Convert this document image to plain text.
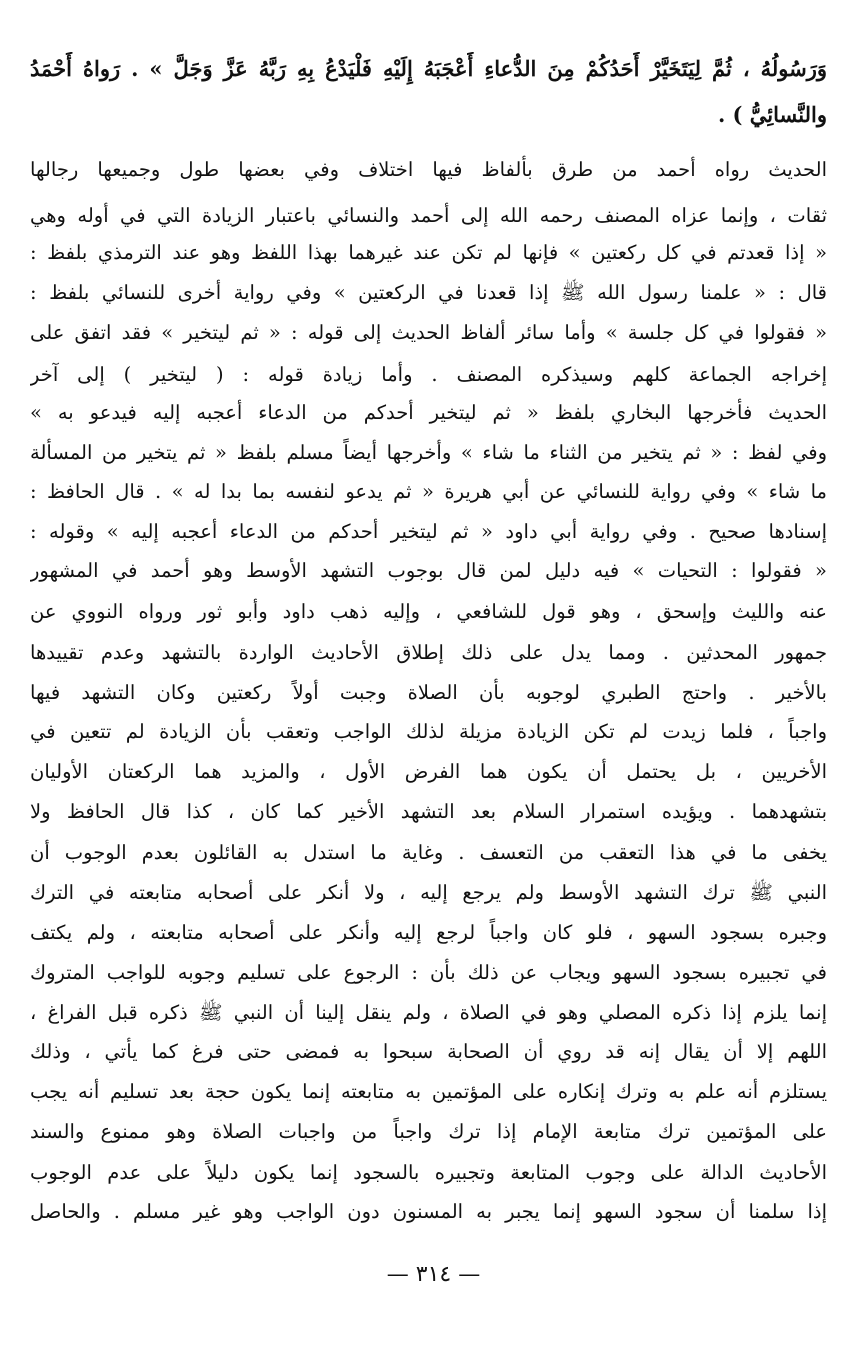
وَرَسُولُهُ ، ثُمَّ لِيَتَخَيَّرْ أَحَدُكُمْ مِنَ الدُّعاءِ أَعْجَبَهُ إِلَيْهِ فَلْيَدْعُ بِهِ رَبَّهُ عَزَّ وَجَلَّ » . رَواهُ أَحْمَدُ
والنَّسائِيُّ ) .
الحديث رواه أحمد من طرق بألفاظ فيها اختلاف وفي بعضها طول وجميعها رجالها
ثقات ، وإنما عزاه المصنف رحمه الله إلى أحمد والنسائي باعتبار الزيادة التي في أوله وهي
« إذا قعدتم في كل ركعتين » فإنها لم تكن عند غيرهما بهذا اللفظ وهو عند الترمذي بلفظ :
قال : « علمنا رسول الله ﷺ إذا قعدنا في الركعتين » وفي رواية أخرى للنسائي بلفظ :
« فقولوا في كل جلسة » وأما سائر ألفاظ الحديث إلى قوله : « ثم ليتخير » فقد اتفق على
إخراجه الجماعة كلهم وسيذكره المصنف . وأما زيادة قوله : ( ليتخير ) إلى آخر
الحديث فأخرجها البخاري بلفظ « ثم ليتخير أحدكم من الدعاء أعجبه إليه فيدعو به »
وفي لفظ : « ثم يتخير من الثناء ما شاء » وأخرجها أيضاً مسلم بلفظ « ثم يتخير من المسألة
ما شاء » وفي رواية للنسائي عن أبي هريرة « ثم يدعو لنفسه بما بدا له » . قال الحافظ :
إسنادها صحيح . وفي رواية أبي داود « ثم ليتخير أحدكم من الدعاء أعجبه إليه » وقوله :
« فقولوا : التحيات » فيه دليل لمن قال بوجوب التشهد الأوسط وهو أحمد في المشهور
عنه والليث وإسحق ، وهو قول للشافعي ، وإليه ذهب داود وأبو ثور ورواه النووي عن
جمهور المحدثين . ومما يدل على ذلك إطلاق الأحاديث الواردة بالتشهد وعدم تقييدها
بالأخير . واحتج الطبري لوجوبه بأن الصلاة وجبت أولاً ركعتين وكان التشهد فيها
واجباً ، فلما زيدت لم تكن الزيادة مزيلة لذلك الواجب وتعقب بأن الزيادة لم تتعين في
الأخريين ، بل يحتمل أن يكون هما الفرض الأول ، والمزيد هما الركعتان الأوليان
بتشهدهما . ويؤيده استمرار السلام بعد التشهد الأخير كما كان ، كذا قال الحافظ ولا
يخفى ما في هذا التعقب من التعسف . وغاية ما استدل به القائلون بعدم الوجوب أن
النبي ﷺ ترك التشهد الأوسط ولم يرجع إليه ، ولا أنكر على أصحابه متابعته في الترك
وجبره بسجود السهو ، فلو كان واجباً لرجع إليه وأنكر على أصحابه متابعته ، ولم يكتف
في تجبيره بسجود السهو ويجاب عن ذلك بأن : الرجوع على تسليم وجوبه للواجب المتروك
إنما يلزم إذا ذكره المصلي وهو في الصلاة ، ولم ينقل إلينا أن النبي ﷺ ذكره قبل الفراغ ،
اللهم إلا أن يقال إنه قد روي أن الصحابة سبحوا به فمضى حتى فرغ كما يأتي ، وذلك
يستلزم أنه علم به وترك إنكاره على المؤتمين به متابعته إنما يكون حجة بعد تسليم أنه يجب
على المؤتمين ترك متابعة الإمام إذا ترك واجباً من واجبات الصلاة وهو ممنوع والسند
الأحاديث الدالة على وجوب المتابعة وتجبيره بالسجود إنما يكون دليلاً على عدم الوجوب
إذا سلمنا أن سجود السهو إنما يجبر به المسنون دون الواجب وهو غير مسلم . والحاصل
— ٣١٤ —
